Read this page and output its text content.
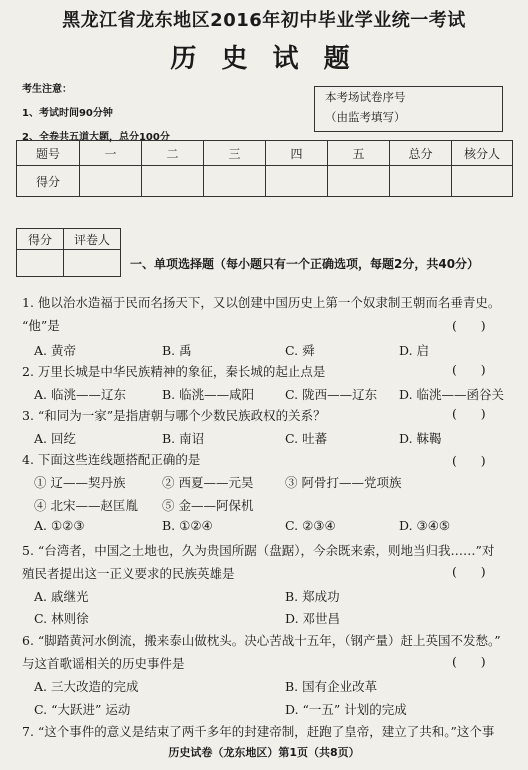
黑龙江省龙东地区2016年初中毕业学业统一考试
历 史 试 题
考生注意：
1、考试时间90分钟
2、全卷共五道大题，总分100分
本考场试卷序号
（由监考填写）
题号	一	二	三	四	五	总分	核分人
得分							
得分	评卷人

一、单项选择题（每小题只有一个正确选项，每题2分，共40分）
1. 他以治水造福于民而名扬天下，又以创建中国历史上第一个奴隶制王朝而名垂青史。
“他”是	(      )
A. 黄帝	B. 禹	C. 舜	D. 启
2. 万里长城是中华民族精神的象征，秦长城的起止点是	(      )
A. 临洮——辽东	B. 临洮——咸阳 C. 陇西——辽东 D. 临洮——函谷关
3. “和同为一家”是指唐朝与哪个少数民族政权的关系？	(      )
A. 回纥	B. 南诏	C. 吐蕃	D. 靺鞨
4. 下面这些连线题搭配正确的是	(      )
① 辽——契丹族	② 西夏——元昊	③ 阿骨打——党项族
④ 北宋——赵匡胤 ⑤ 金——阿保机
A. ①②③	B. ①②④	C. ②③④	D. ③④⑤
5. “台湾者，中国之土地也，久为贵国所踞（盘踞），今余既来索，则地当归我……”对
殖民者提出这一正义要求的民族英雄是	(      )
A. 戚继光	B. 郑成功
C. 林则徐	D. 邓世昌
6. “脚踏黄河水倒流，搬来泰山做枕头。决心苦战十五年，（钢产量）赶上英国不发愁。”
与这首歌谣相关的历史事件是	(      )
A. 三大改造的完成	B. 国有企业改革
C. “大跃进” 运动	D. “一五” 计划的完成
7. “这个事件的意义是结束了两千多年的封建帝制，赶跑了皇帝，建立了共和。”这个事
历史试卷（龙东地区）第1页（共8页）
